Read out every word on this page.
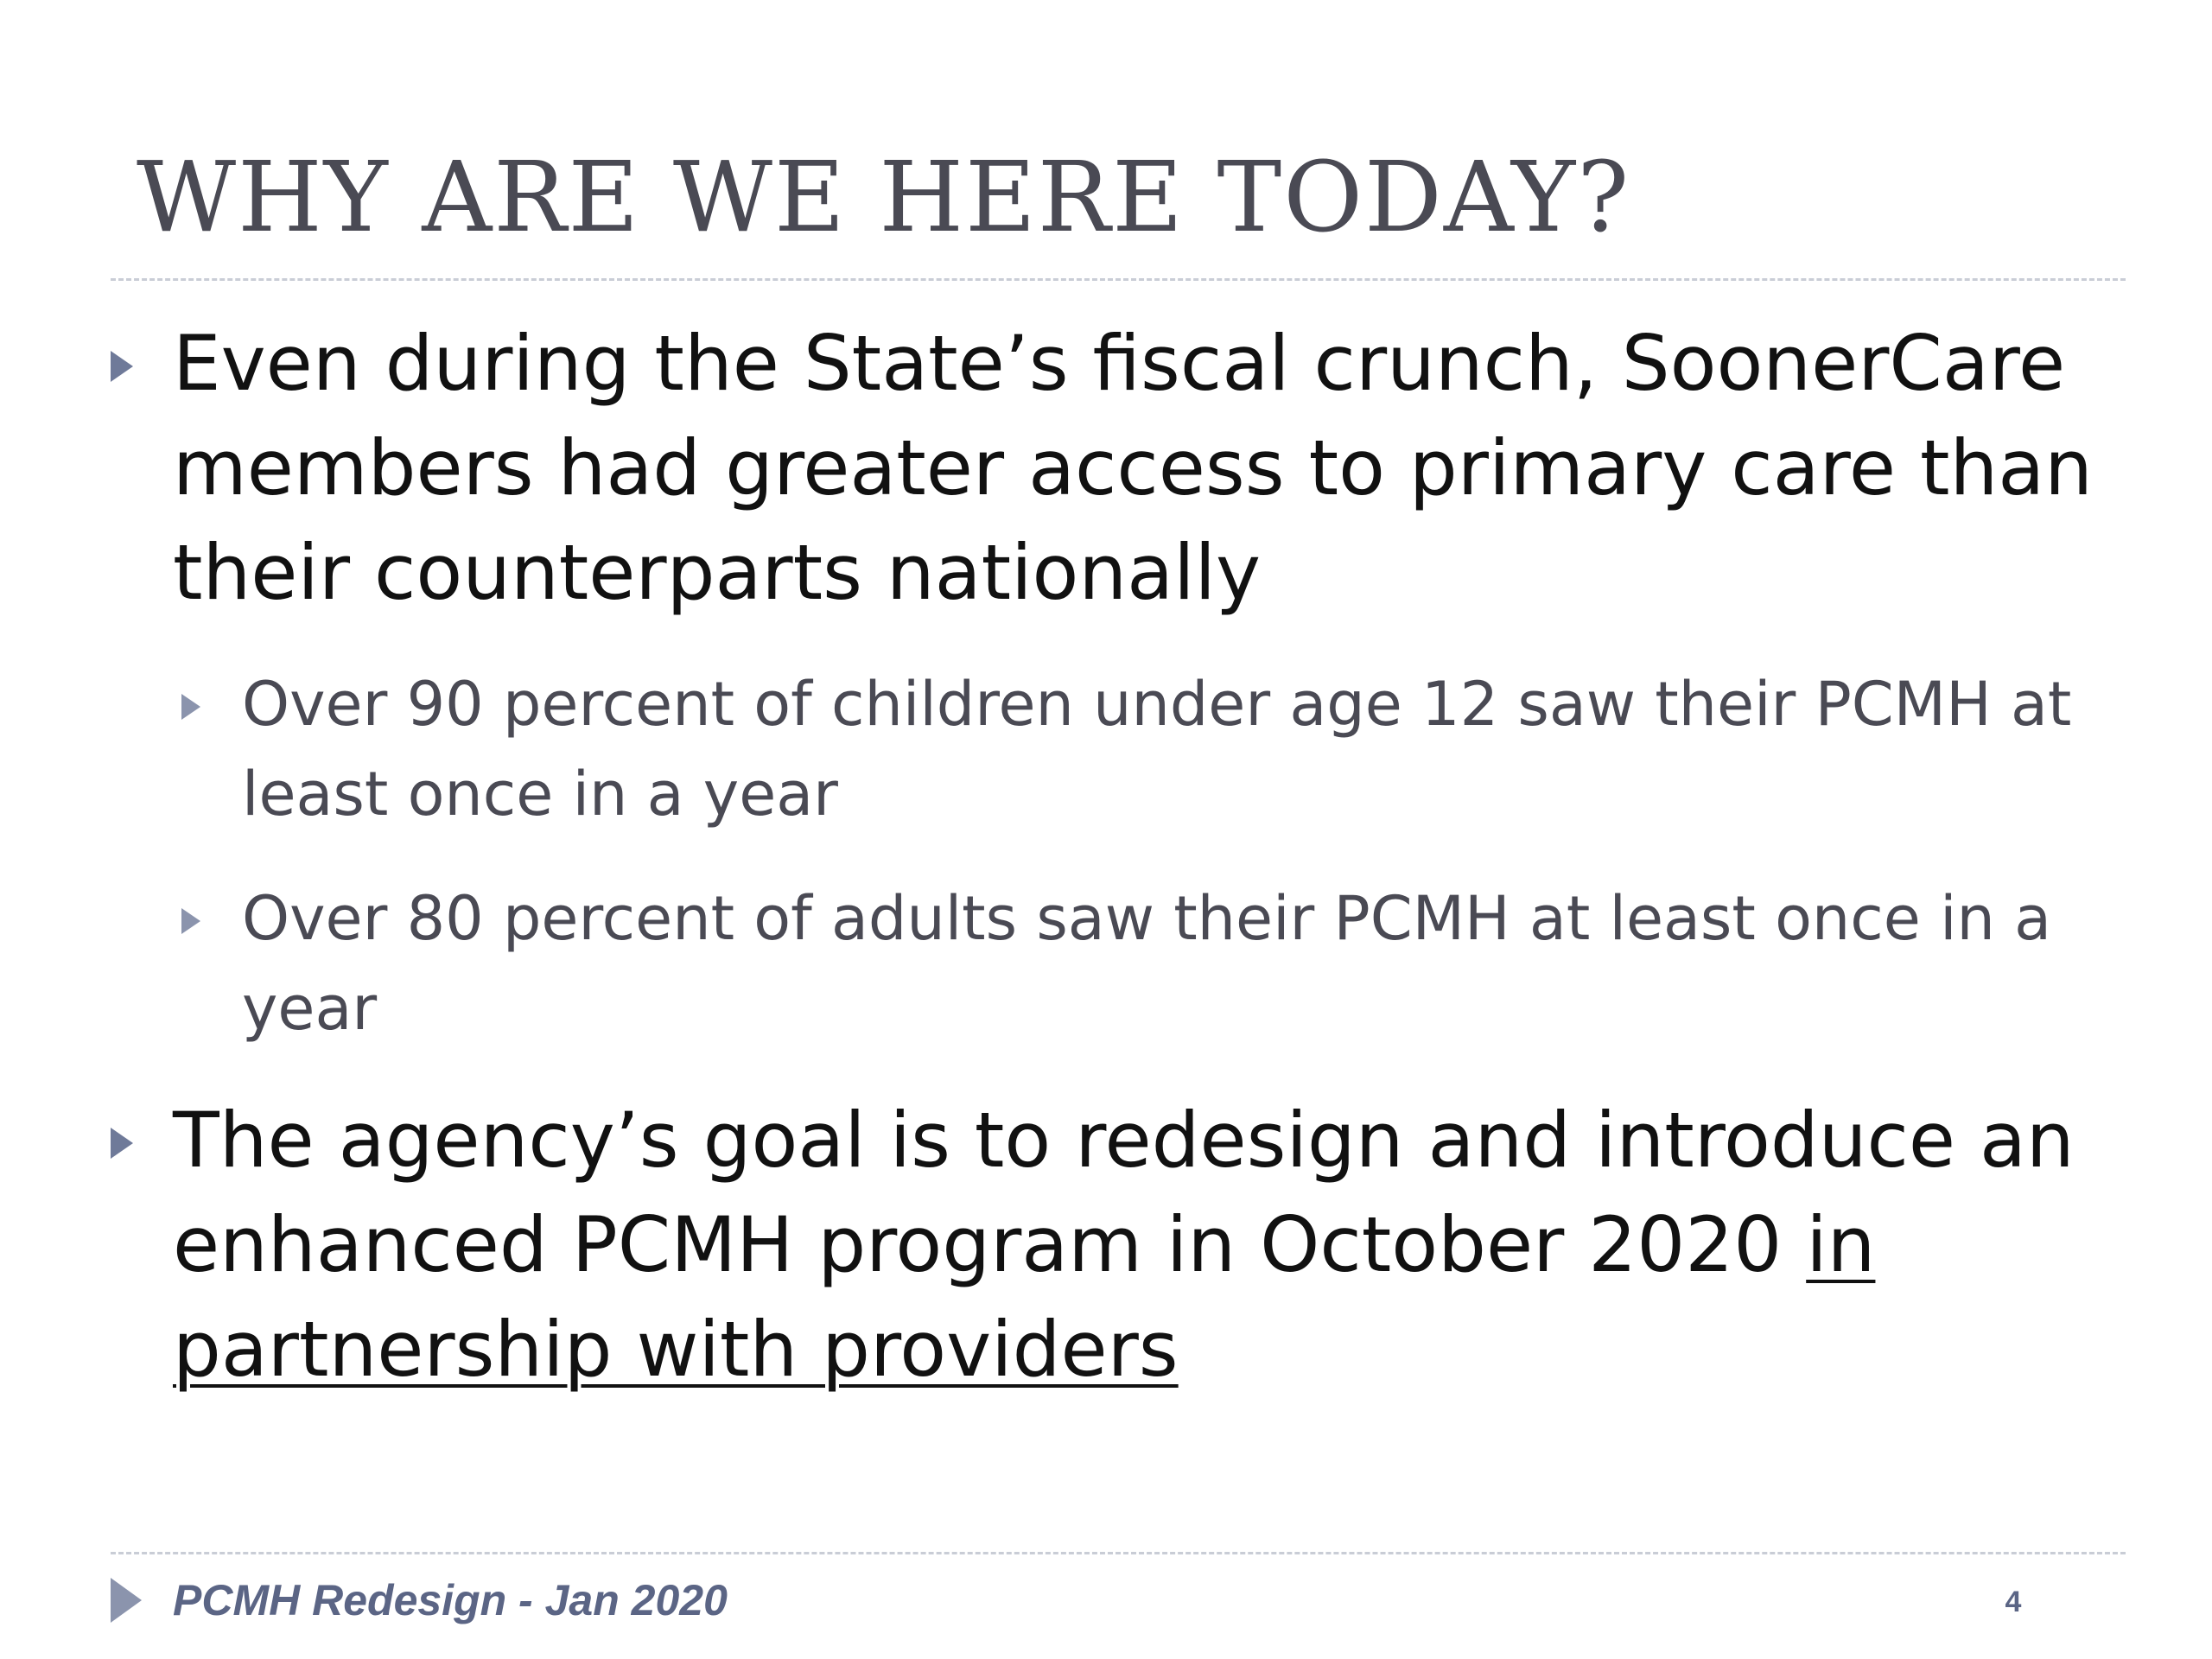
WHY ARE WE HERE TODAY?

Even during the State’s fiscal crunch, SoonerCare members had greater access to primary care than their counterparts nationally

Over 90 percent of children under age 12 saw their PCMH at least once in a year

Over 80 percent of adults saw their PCMH at least once in a year

The agency’s goal is to redesign and introduce an enhanced PCMH program in October 2020 in partnership with providers

PCMH Redesign - Jan 2020	4
